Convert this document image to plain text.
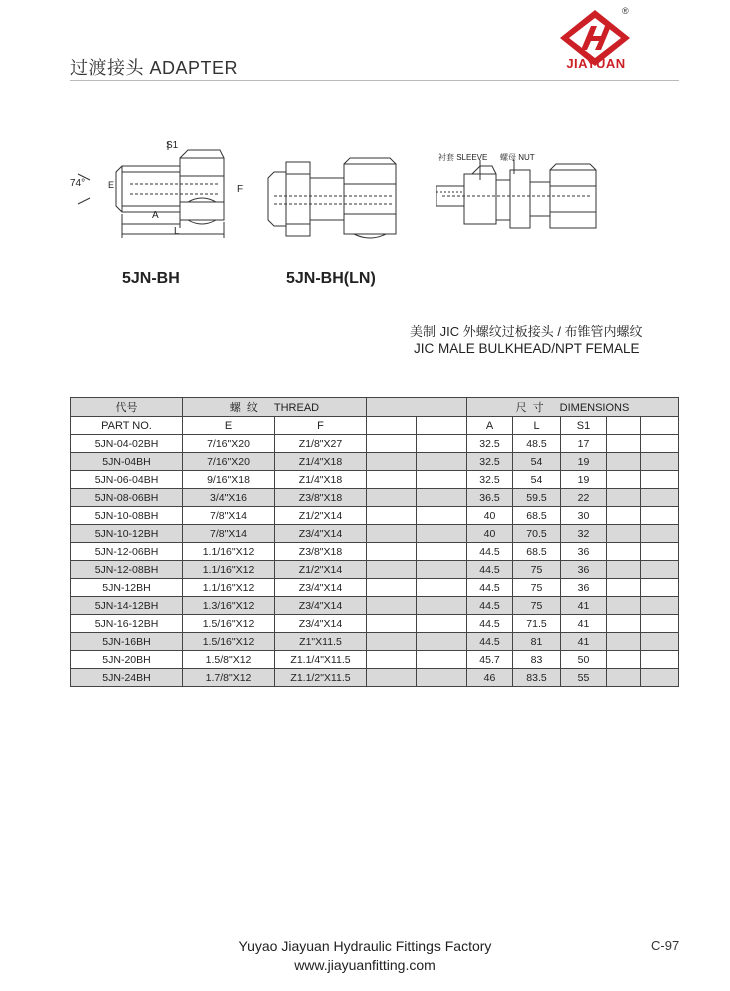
过渡接头 ADAPTER
®
JIAYUAN
74°	E	F
A
L
S1
5JN-BH	5JN-BH(LN)
衬套 SLEEVE 螺母 NUT
美制 JIC 外螺纹过板接头 / 布锥管内螺纹
JIC MALE BULKHEAD/NPT FEMALE
代号	螺纹 THREAD				尺寸 DIMENSIONS				
PART NO.	E	F			A	L	S1		
5JN-04-02BH	7/16"X20	Z1/8"X27			32.5	48.5	17		
5JN-04BH	7/16"X20	Z1/4"X18			32.5	54	19		
5JN-06-04BH	9/16"X18	Z1/4"X18			32.5	54	19		
5JN-08-06BH	3/4"X16	Z3/8"X18			36.5	59.5	22		
5JN-10-08BH	7/8"X14	Z1/2"X14			40	68.5	30		
5JN-10-12BH	7/8"X14	Z3/4"X14			40	70.5	32		
5JN-12-06BH	1.1/16"X12	Z3/8"X18			44.5	68.5	36		
5JN-12-08BH	1.1/16"X12	Z1/2"X14			44.5	75	36		
5JN-12BH	1.1/16"X12	Z3/4"X14			44.5	75	36		
5JN-14-12BH	1.3/16"X12	Z3/4"X14			44.5	75	41		
5JN-16-12BH	1.5/16"X12	Z3/4"X14			44.5	71.5	41		
5JN-16BH	1.5/16"X12	Z1"X11.5			44.5	81	41		
5JN-20BH	1.5/8"X12	Z1.1/4"X11.5			45.7	83	50		
5JN-24BH	1.7/8"X12	Z1.1/2"X11.5			46	83.5	55		
Yuyao Jiayuan Hydraulic Fittings Factory
www.jiayuanfitting.com
C-97
